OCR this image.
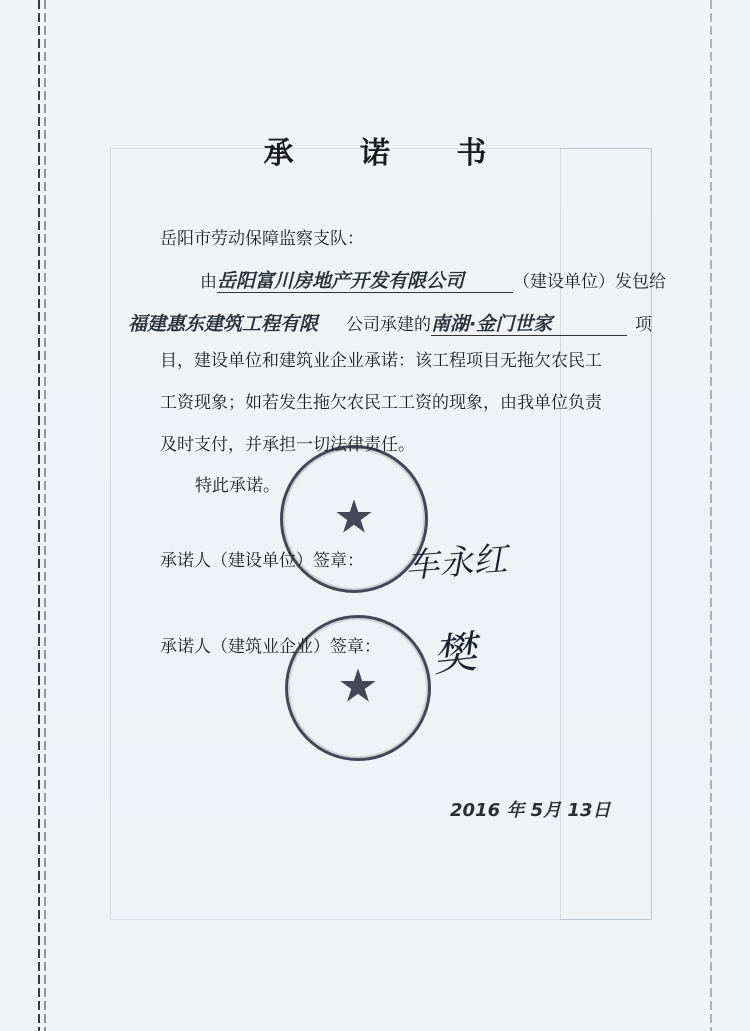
承 诺 书
岳阳市劳动保障监察支队：
由岳阳富川房地产开发有限公司	（建设单位）发包给
福建惠东建筑工程有限 公司承建的南湖·金门世家	项
目，建设单位和建筑业企业承诺：该工程项目无拖欠农民工
工资现象；如若发生拖欠农民工工资的现象，由我单位负责
及时支付，并承担一切法律责任。
特此承诺。
★
承诺人（建设单位）签章： 车永红
★
承诺人（建筑业企业）签章： 樊
2016 年 5月 13日
